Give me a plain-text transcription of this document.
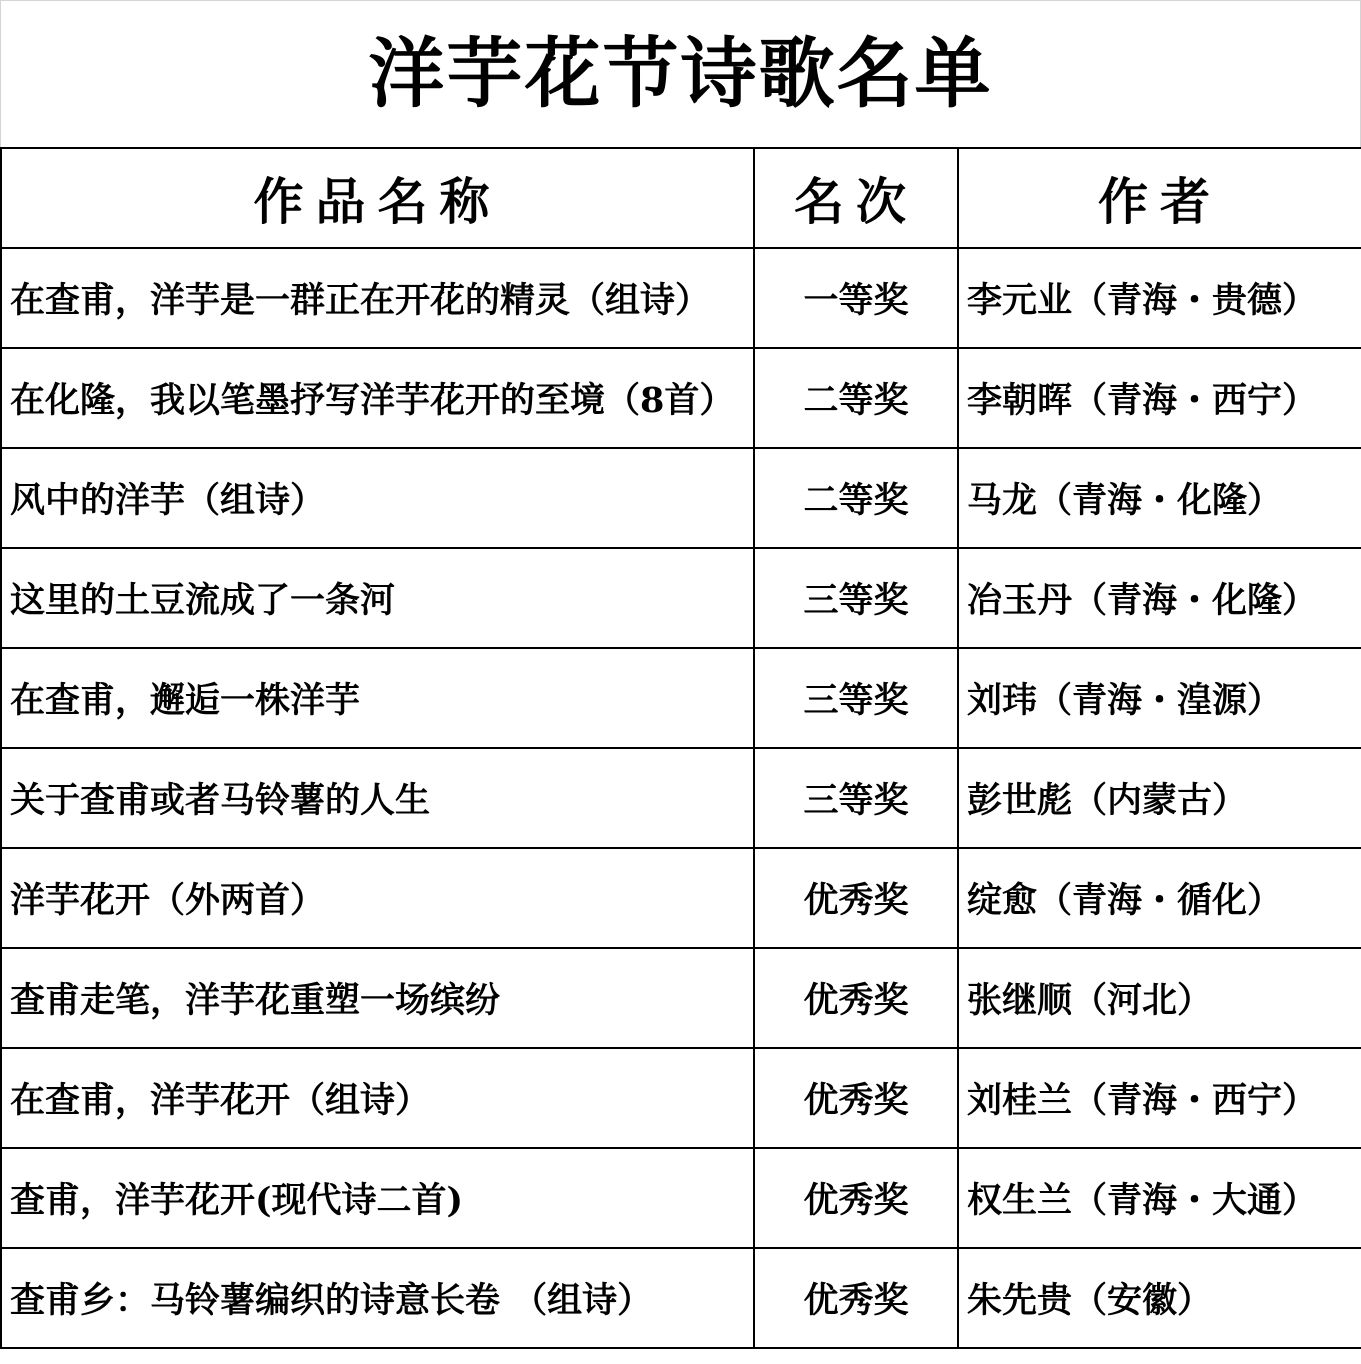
洋芋花节诗歌名单
作品名称	名次	作者
在查甫，洋芋是一群正在开花的精灵（组诗）	一等奖	李元业（青海・贵德）
在化隆，我以笔墨抒写洋芋花开的至境（8首）	二等奖	李朝晖（青海・西宁）
风中的洋芋（组诗）	二等奖	马龙（青海・化隆）
这里的土豆流成了一条河	三等奖	冶玉丹（青海・化隆）
在查甫，邂逅一株洋芋	三等奖	刘玮（青海・湟源）
关于查甫或者马铃薯的人生	三等奖	彭世彪（内蒙古）
洋芋花开（外两首）	优秀奖	绽愈（青海・循化）
查甫走笔，洋芋花重塑一场缤纷	优秀奖	张继顺（河北）
在查甫，洋芋花开（组诗）	优秀奖	刘桂兰（青海・西宁）
查甫，洋芋花开(现代诗二首)	优秀奖	权生兰（青海・大通）
查甫乡：马铃薯编织的诗意长卷 （组诗）	优秀奖	朱先贵（安徽）
